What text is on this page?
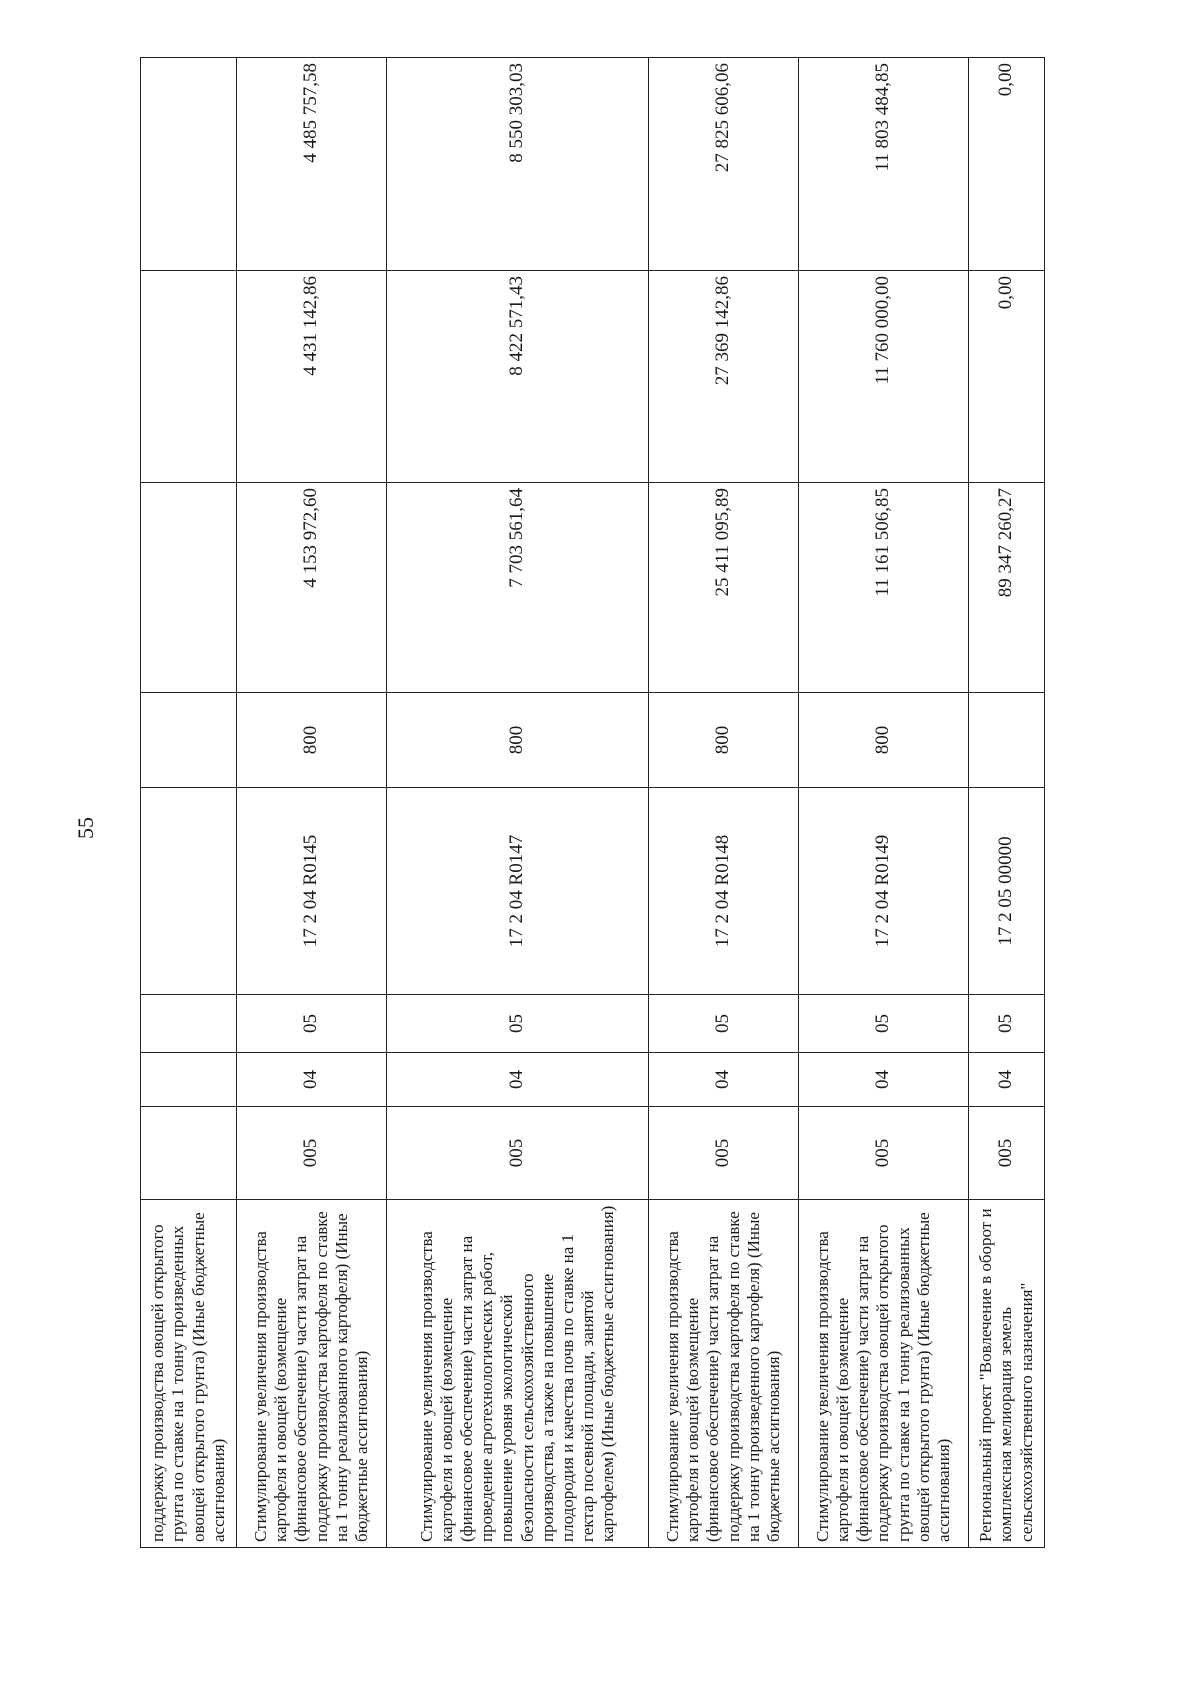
55
поддержку производства овощей открытого грунта по ставке на 1 тонну произведенных овощей открытого грунта) (Иные бюджетные ассигнования)								
Стимулирование увеличения производства картофеля и овощей (возмещение (финансовое обеспечение) части затрат на поддержку производства картофеля по ставке на 1 тонну реализованного картофеля) (Иные бюджетные ассигнования)	005	04	05	17 2 04 R0145	800	4 153 972,60	4 431 142,86	4 485 757,58
Стимулирование увеличения производства картофеля и овощей (возмещение (финансовое обеспечение) части затрат на проведение агротехнологических работ, повышение уровня экологической безопасности сельскохозяйственного производства, а также на повышение плодородия и качества почв по ставке на 1 гектар посевной площади, занятой картофелем) (Иные бюджетные ассигнования)	005	04	05	17 2 04 R0147	800	7 703 561,64	8 422 571,43	8 550 303,03
Стимулирование увеличения производства картофеля и овощей (возмещение (финансовое обеспечение) части затрат на поддержку производства картофеля по ставке на 1 тонну произведенного картофеля) (Иные бюджетные ассигнования)	005	04	05	17 2 04 R0148	800	25 411 095,89	27 369 142,86	27 825 606,06
Стимулирование увеличения производства картофеля и овощей (возмещение (финансовое обеспечение) части затрат на поддержку производства овощей открытого грунта по ставке на 1 тонну реализованных овощей открытого грунта) (Иные бюджетные ассигнования)	005	04	05	17 2 04 R0149	800	11 161 506,85	11 760 000,00	11 803 484,85
Региональный проект "Вовлечение в оборот и комплексная мелиорация земель сельскохозяйственного назначения"	005	04	05	17 2 05 00000		89 347 260,27	0,00	0,00
